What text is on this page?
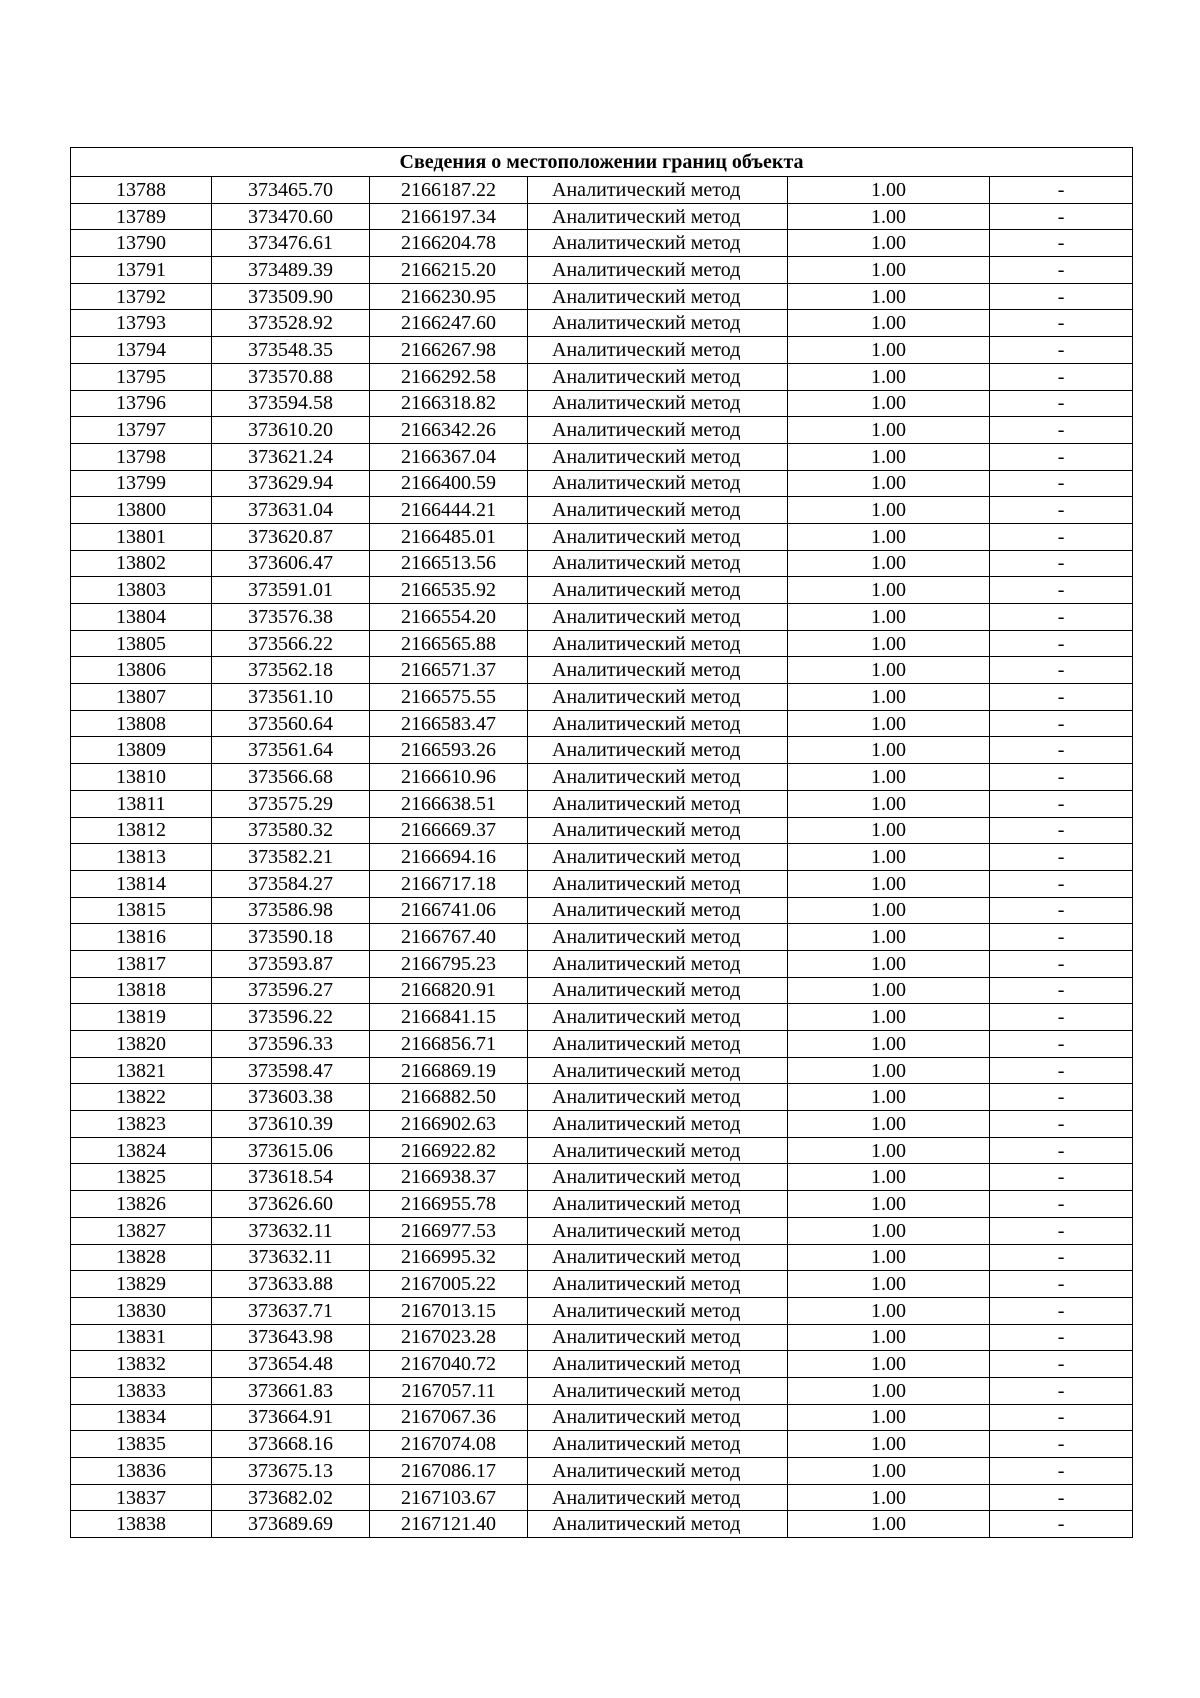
Сведения о местоположении границ объекта					
13788	373465.70	2166187.22	Аналитический метод	1.00	-
13789	373470.60	2166197.34	Аналитический метод	1.00	-
13790	373476.61	2166204.78	Аналитический метод	1.00	-
13791	373489.39	2166215.20	Аналитический метод	1.00	-
13792	373509.90	2166230.95	Аналитический метод	1.00	-
13793	373528.92	2166247.60	Аналитический метод	1.00	-
13794	373548.35	2166267.98	Аналитический метод	1.00	-
13795	373570.88	2166292.58	Аналитический метод	1.00	-
13796	373594.58	2166318.82	Аналитический метод	1.00	-
13797	373610.20	2166342.26	Аналитический метод	1.00	-
13798	373621.24	2166367.04	Аналитический метод	1.00	-
13799	373629.94	2166400.59	Аналитический метод	1.00	-
13800	373631.04	2166444.21	Аналитический метод	1.00	-
13801	373620.87	2166485.01	Аналитический метод	1.00	-
13802	373606.47	2166513.56	Аналитический метод	1.00	-
13803	373591.01	2166535.92	Аналитический метод	1.00	-
13804	373576.38	2166554.20	Аналитический метод	1.00	-
13805	373566.22	2166565.88	Аналитический метод	1.00	-
13806	373562.18	2166571.37	Аналитический метод	1.00	-
13807	373561.10	2166575.55	Аналитический метод	1.00	-
13808	373560.64	2166583.47	Аналитический метод	1.00	-
13809	373561.64	2166593.26	Аналитический метод	1.00	-
13810	373566.68	2166610.96	Аналитический метод	1.00	-
13811	373575.29	2166638.51	Аналитический метод	1.00	-
13812	373580.32	2166669.37	Аналитический метод	1.00	-
13813	373582.21	2166694.16	Аналитический метод	1.00	-
13814	373584.27	2166717.18	Аналитический метод	1.00	-
13815	373586.98	2166741.06	Аналитический метод	1.00	-
13816	373590.18	2166767.40	Аналитический метод	1.00	-
13817	373593.87	2166795.23	Аналитический метод	1.00	-
13818	373596.27	2166820.91	Аналитический метод	1.00	-
13819	373596.22	2166841.15	Аналитический метод	1.00	-
13820	373596.33	2166856.71	Аналитический метод	1.00	-
13821	373598.47	2166869.19	Аналитический метод	1.00	-
13822	373603.38	2166882.50	Аналитический метод	1.00	-
13823	373610.39	2166902.63	Аналитический метод	1.00	-
13824	373615.06	2166922.82	Аналитический метод	1.00	-
13825	373618.54	2166938.37	Аналитический метод	1.00	-
13826	373626.60	2166955.78	Аналитический метод	1.00	-
13827	373632.11	2166977.53	Аналитический метод	1.00	-
13828	373632.11	2166995.32	Аналитический метод	1.00	-
13829	373633.88	2167005.22	Аналитический метод	1.00	-
13830	373637.71	2167013.15	Аналитический метод	1.00	-
13831	373643.98	2167023.28	Аналитический метод	1.00	-
13832	373654.48	2167040.72	Аналитический метод	1.00	-
13833	373661.83	2167057.11	Аналитический метод	1.00	-
13834	373664.91	2167067.36	Аналитический метод	1.00	-
13835	373668.16	2167074.08	Аналитический метод	1.00	-
13836	373675.13	2167086.17	Аналитический метод	1.00	-
13837	373682.02	2167103.67	Аналитический метод	1.00	-
13838	373689.69	2167121.40	Аналитический метод	1.00	-
